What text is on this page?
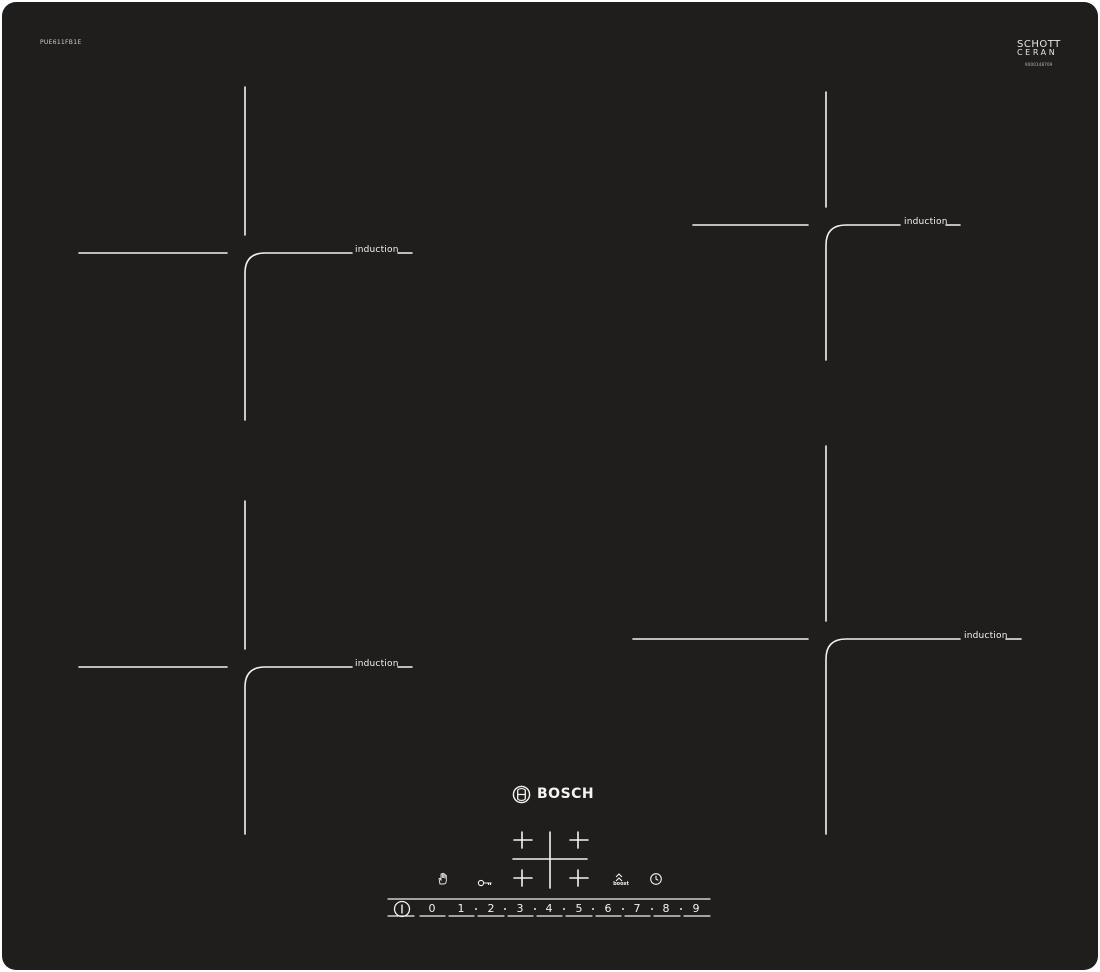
PUE611FB1E	SCHOTT
CERAN
9000148709
induction
induction
induction
induction
BOSCH
boost
0	1	2	3	4	5	6	7	8	9
